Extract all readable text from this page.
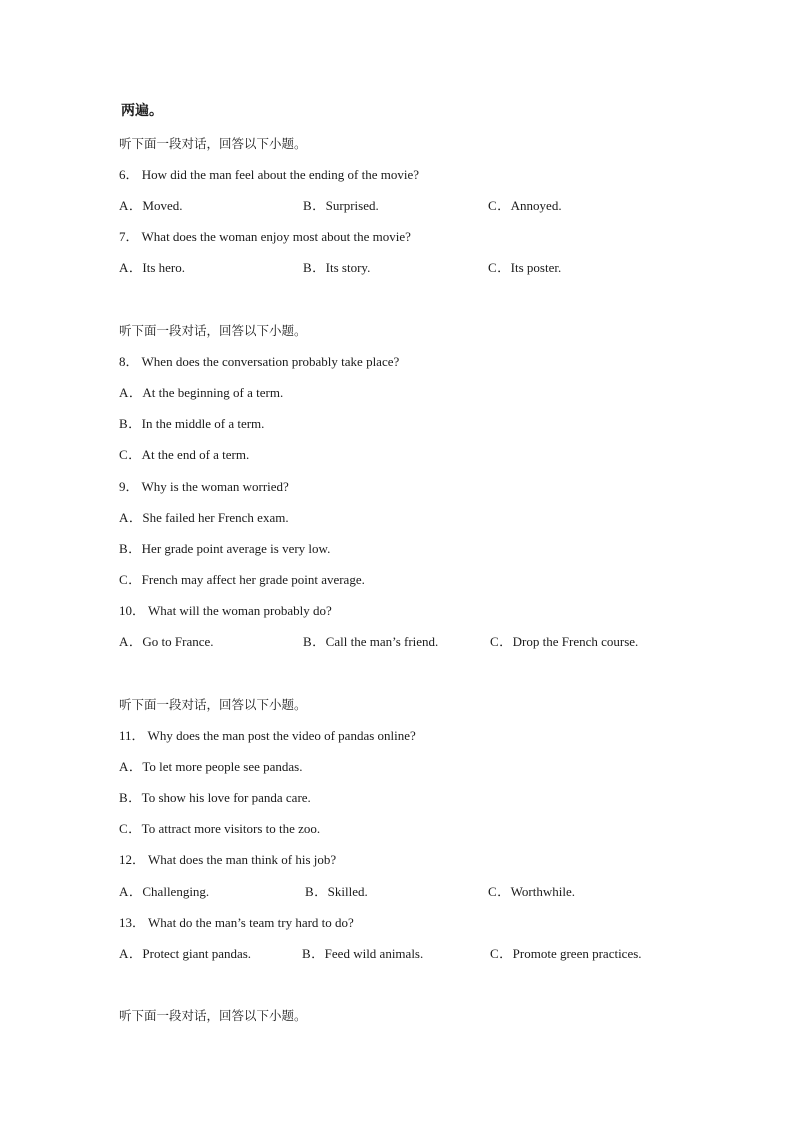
两遍。
听下面一段对话，回答以下小题。
6． How did the man feel about the ending of the movie?
A．Moved.	B．Surprised.	C．Annoyed.
7． What does the woman enjoy most about the movie?
A．Its hero.	B．Its story.	C．Its poster.
听下面一段对话，回答以下小题。
8． When does the conversation probably take place?
A．At the beginning of a term.
B．In the middle of a term.
C．At the end of a term.
9． Why is the woman worried?
A．She failed her French exam.
B．Her grade point average is very low.
C．French may affect her grade point average.
10． What will the woman probably do?
A．Go to France.	B．Call the man’s friend.	C．Drop the French course.
听下面一段对话，回答以下小题。
11． Why does the man post the video of pandas online?
A．To let more people see pandas.
B．To show his love for panda care.
C．To attract more visitors to the zoo.
12． What does the man think of his job?
A．Challenging.	B．Skilled.	C．Worthwhile.
13． What do the man’s team try hard to do?
A．Protect giant pandas.	B．Feed wild animals.	C．Promote green practices.
听下面一段对话，回答以下小题。
